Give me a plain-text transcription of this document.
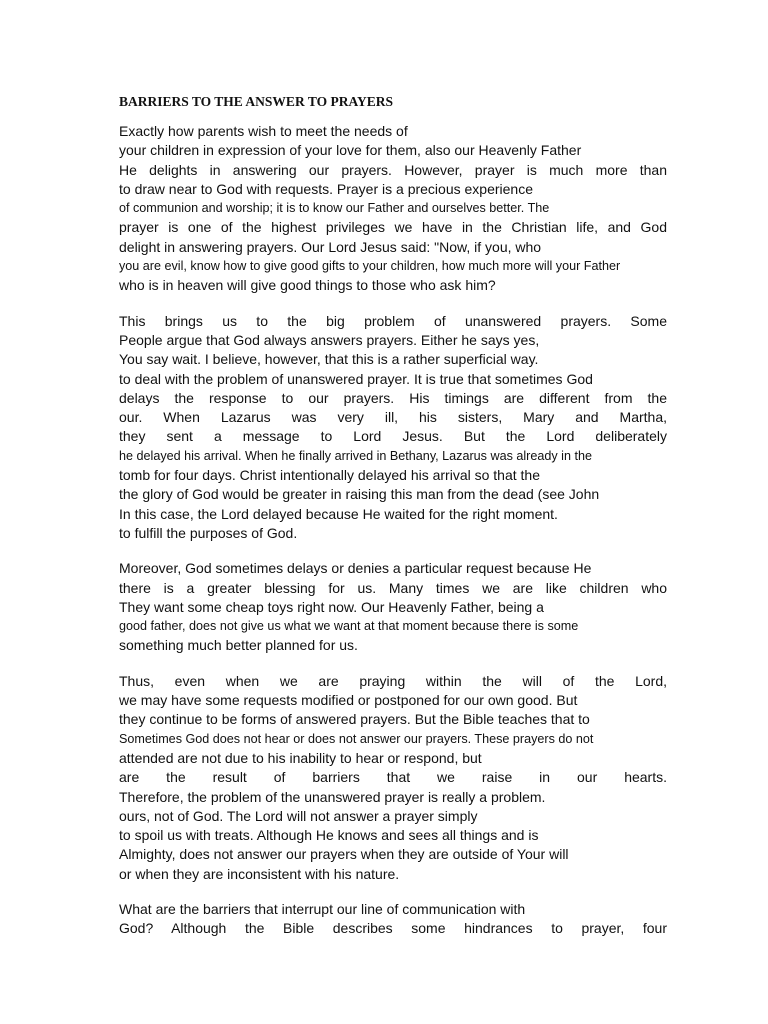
BARRIERS TO THE ANSWER TO PRAYERS
Exactly how parents wish to meet the needs of
your children in expression of your love for them, also our Heavenly Father
He delights in answering our prayers. However, prayer is much more than
to draw near to God with requests. Prayer is a precious experience
of communion and worship; it is to know our Father and ourselves better. The
prayer is one of the highest privileges we have in the Christian life, and God
delight in answering prayers. Our Lord Jesus said: "Now, if you, who
you are evil, know how to give good gifts to your children, how much more will your Father
who is in heaven will give good things to those who ask him?
This brings us to the big problem of unanswered prayers. Some
People argue that God always answers prayers. Either he says yes,
You say wait. I believe, however, that this is a rather superficial way.
to deal with the problem of unanswered prayer. It is true that sometimes God
delays the response to our prayers. His timings are different from the
our. When Lazarus was very ill, his sisters, Mary and Martha,
they sent a message to Lord Jesus. But the Lord deliberately
he delayed his arrival. When he finally arrived in Bethany, Lazarus was already in the
tomb for four days. Christ intentionally delayed his arrival so that the
the glory of God would be greater in raising this man from the dead (see John
In this case, the Lord delayed because He waited for the right moment.
to fulfill the purposes of God.
Moreover, God sometimes delays or denies a particular request because He
there is a greater blessing for us. Many times we are like children who
They want some cheap toys right now. Our Heavenly Father, being a
good father, does not give us what we want at that moment because there is some
something much better planned for us.
Thus, even when we are praying within the will of the Lord,
we may have some requests modified or postponed for our own good. But
they continue to be forms of answered prayers. But the Bible teaches that to
Sometimes God does not hear or does not answer our prayers. These prayers do not
attended are not due to his inability to hear or respond, but
are the result of barriers that we raise in our hearts.
Therefore, the problem of the unanswered prayer is really a problem.
ours, not of God. The Lord will not answer a prayer simply
to spoil us with treats. Although He knows and sees all things and is
Almighty, does not answer our prayers when they are outside of Your will
or when they are inconsistent with his nature.
What are the barriers that interrupt our line of communication with
God? Although the Bible describes some hindrances to prayer, four
